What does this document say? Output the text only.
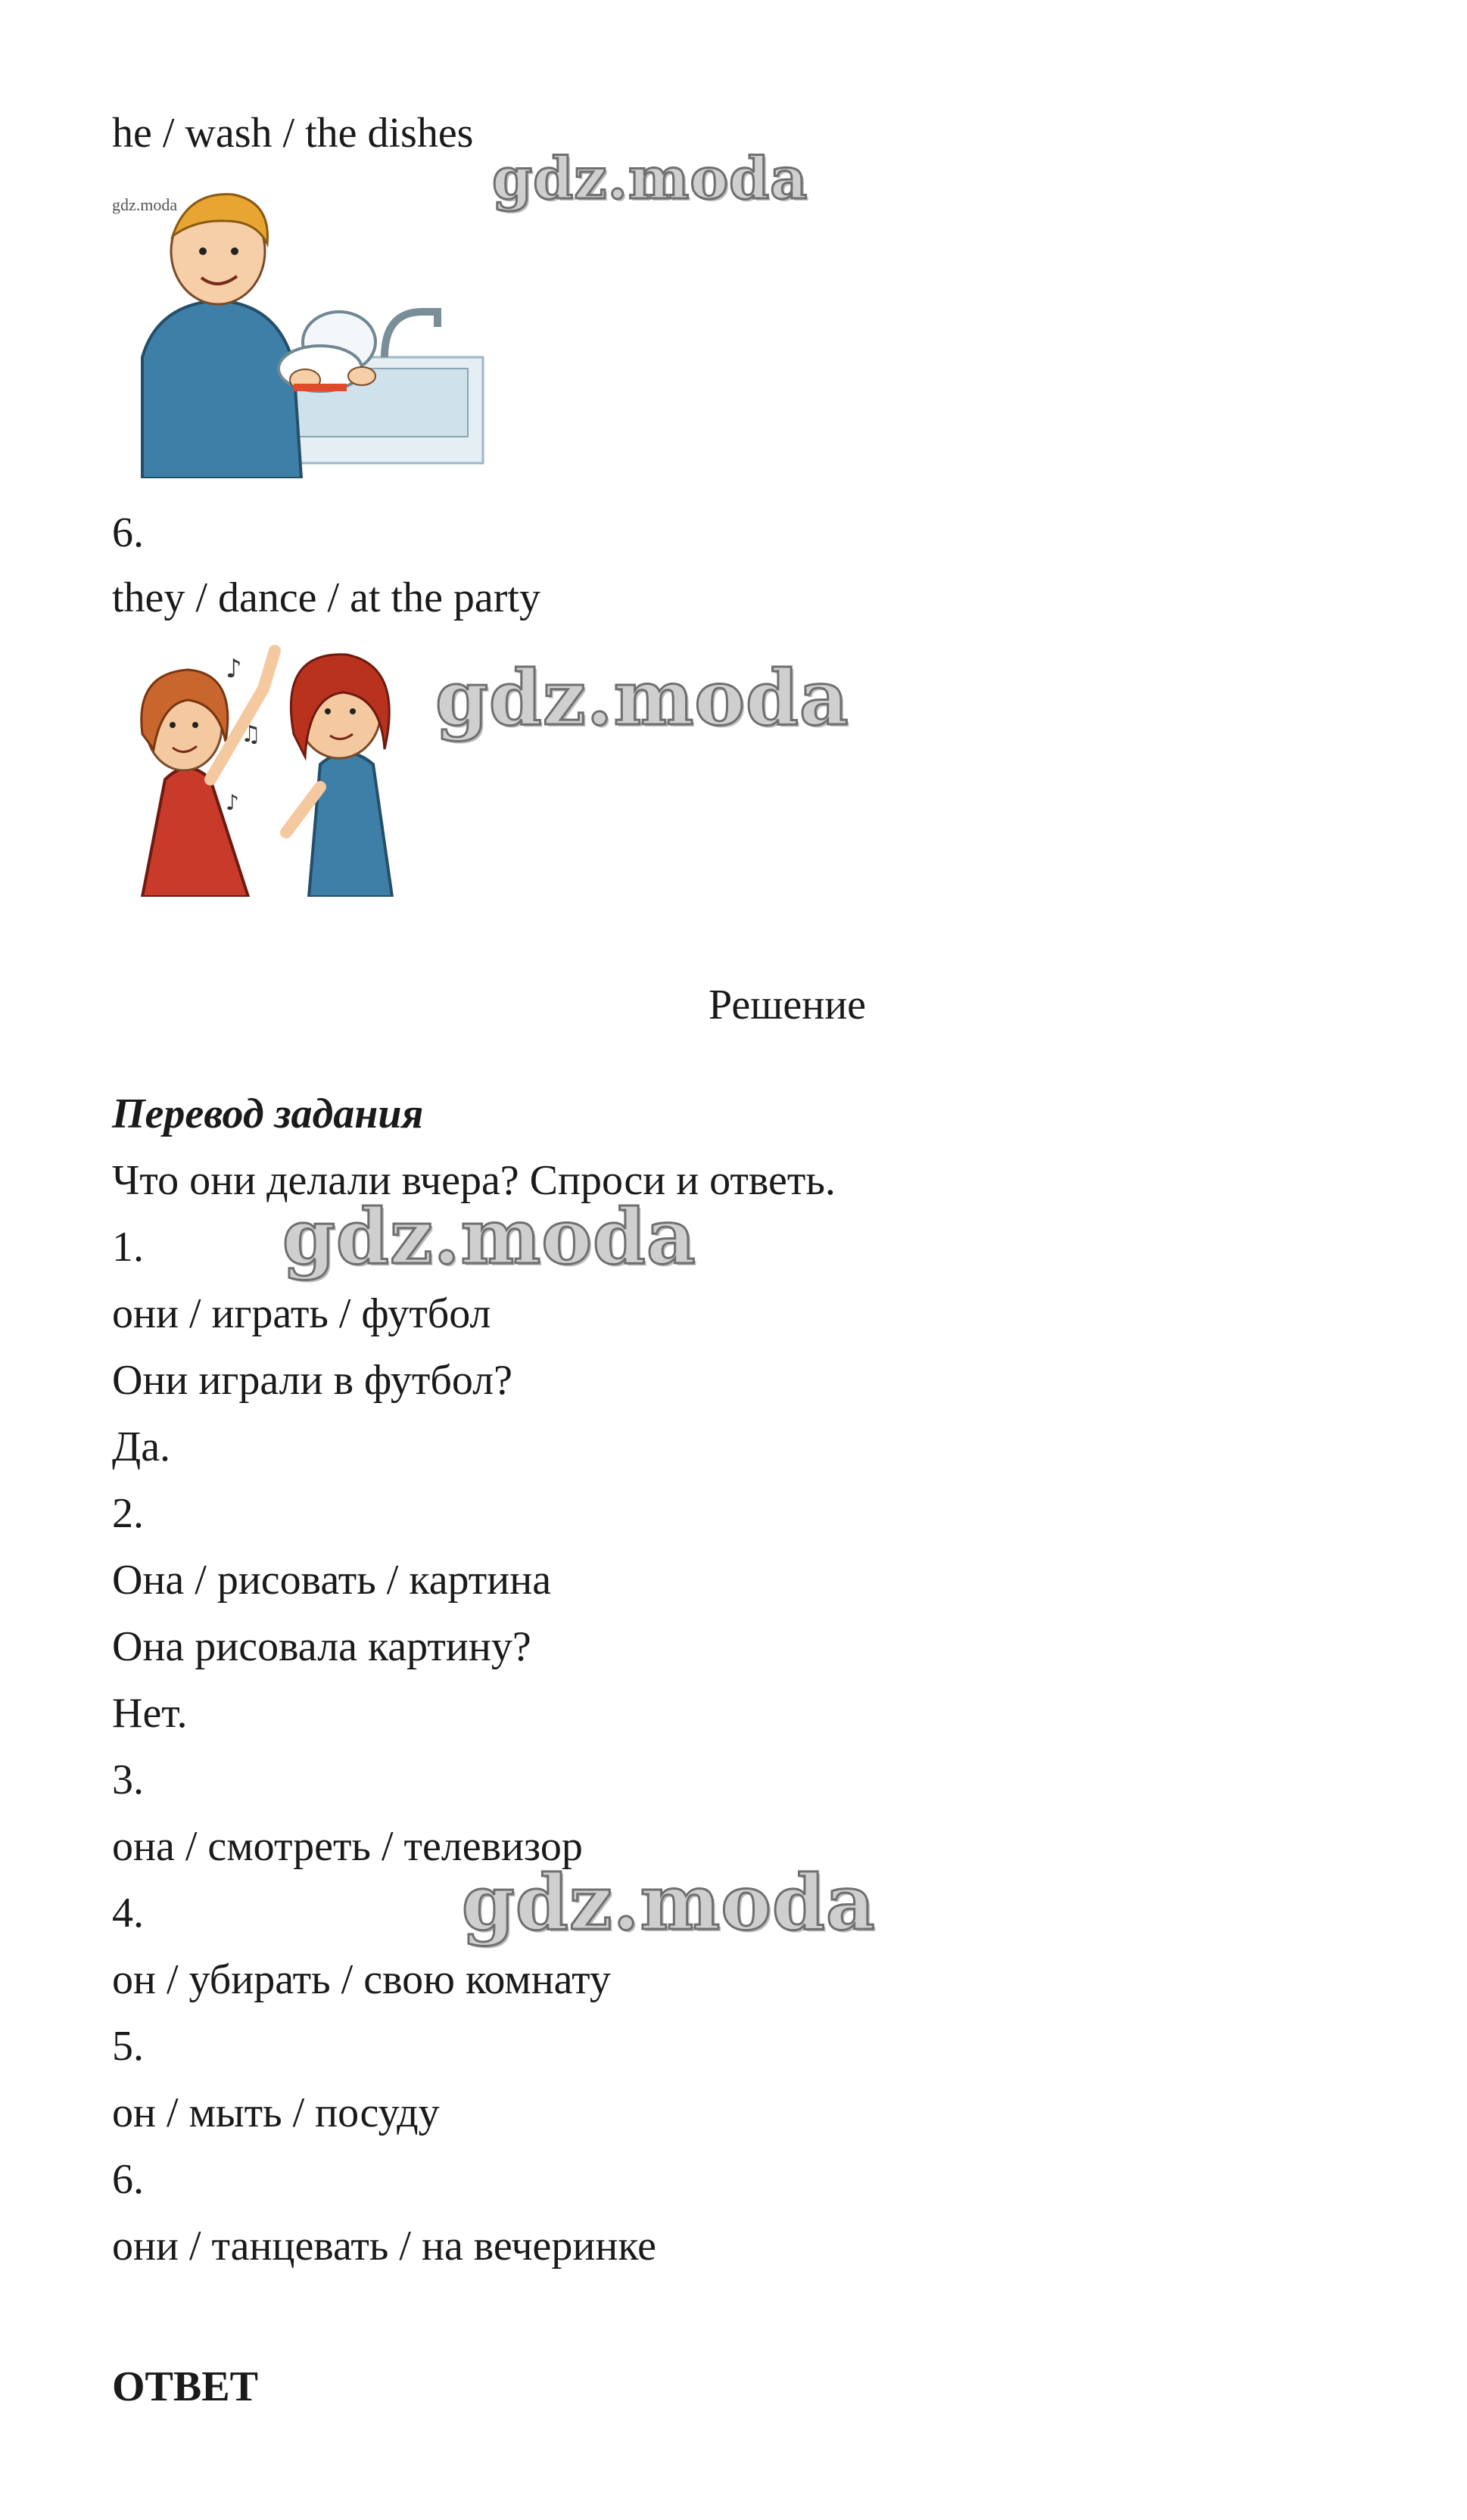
he / wash / the dishes
gdz.moda	gdz.moda
6.
they / dance / at the party
♪
♫
♪
gdz.moda
Решение
Перевод задания
Что они делали вчера? Спроси и ответь.
1. gdz.moda
они / играть / футбол
Они играли в футбол?
Да.
2.
Она / рисовать / картина
Она рисовала картину?
Нет.
3.
она / смотреть / телевизор
4.	gdz.moda
он / убирать / свою комнату
5.
он / мыть / посуду
6.
они / танцевать / на вечеринке
ОТВЕТ
